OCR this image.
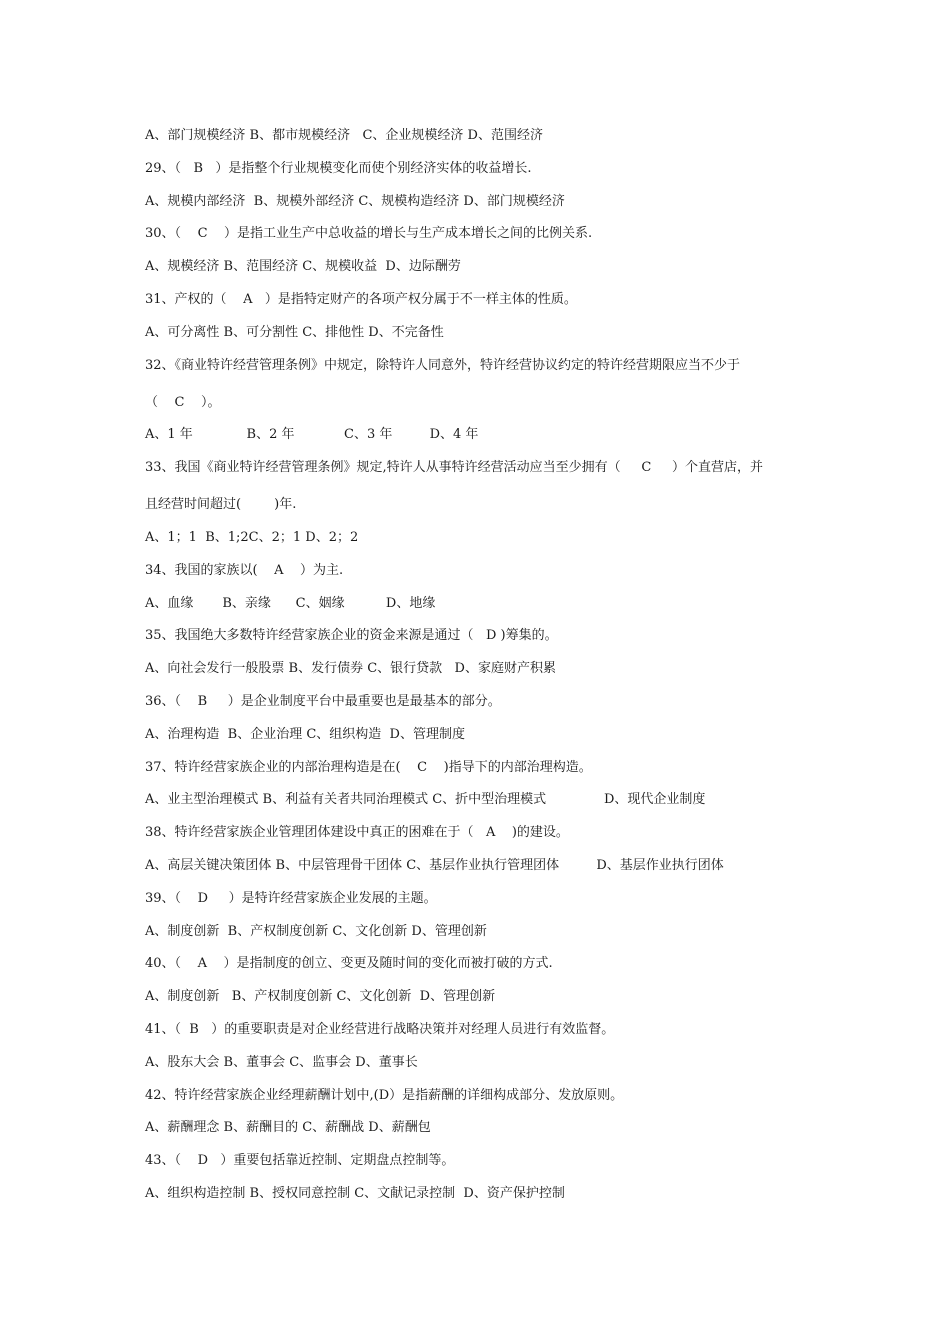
A、部门规模经济 B、都市规模经济   C、企业规模经济 D、范围经济
29、（   B   ）是指整个行业规模变化而使个别经济实体的收益增长.
A、规模内部经济  B、规模外部经济 C、规模构造经济 D、部门规模经济
30、（    C    ）是指工业生产中总收益的增长与生产成本增长之间的比例关系.
A、规模经济 B、范围经济 C、规模收益  D、边际酬劳
31、产权的（    A   ）是指特定财产的各项产权分属于不一样主体的性质。
A、可分离性 B、可分割性 C、排他性 D、不完备性
32、《商业特许经营管理条例》中规定，除特许人同意外，特许经营协议约定的特许经营期限应当不少于
（    C    ）。
A、1 年             B、2 年            C、3 年         D、4 年
33、我国《商业特许经营管理条例》规定,特许人从事特许经营活动应当至少拥有（     C     ）个直营店，并
且经营时间超过(        )年.
A、1；1  B、1;2C、2；1 D、2；2
34、我国的家族以(    A    ）为主.
A、血缘       B、亲缘      C、姻缘          D、地缘
35、我国绝大多数特许经营家族企业的资金来源是通过（   D )筹集的。
A、向社会发行一般股票 B、发行债券 C、银行贷款   D、家庭财产积累
36、（    B     ）是企业制度平台中最重要也是最基本的部分。
A、治理构造  B、企业治理 C、组织构造  D、管理制度
37、特许经营家族企业的内部治理构造是在(    C    )指导下的内部治理构造。
A、业主型治理模式 B、利益有关者共同治理模式 C、折中型治理模式              D、现代企业制度
38、特许经营家族企业管理团体建设中真正的困难在于（   A    )的建设。
A、高层关键决策团体 B、中层管理骨干团体 C、基层作业执行管理团体         D、基层作业执行团体
39、（    D     ）是特许经营家族企业发展的主题。
A、制度创新  B、产权制度创新 C、文化创新 D、管理创新
40、（    A    ）是指制度的创立、变更及随时间的变化而被打破的方式.
A、制度创新   B、产权制度创新 C、文化创新  D、管理创新
41、（  B   ）的重要职责是对企业经营进行战略决策并对经理人员进行有效监督。
A、股东大会 B、董事会 C、监事会 D、董事长
42、特许经营家族企业经理薪酬计划中,(D）是指薪酬的详细构成部分、发放原则。
A、薪酬理念 B、薪酬目的 C、薪酬战 D、薪酬包
43、（    D   ）重要包括靠近控制、定期盘点控制等。
A、组织构造控制 B、授权同意控制 C、文献记录控制  D、资产保护控制
